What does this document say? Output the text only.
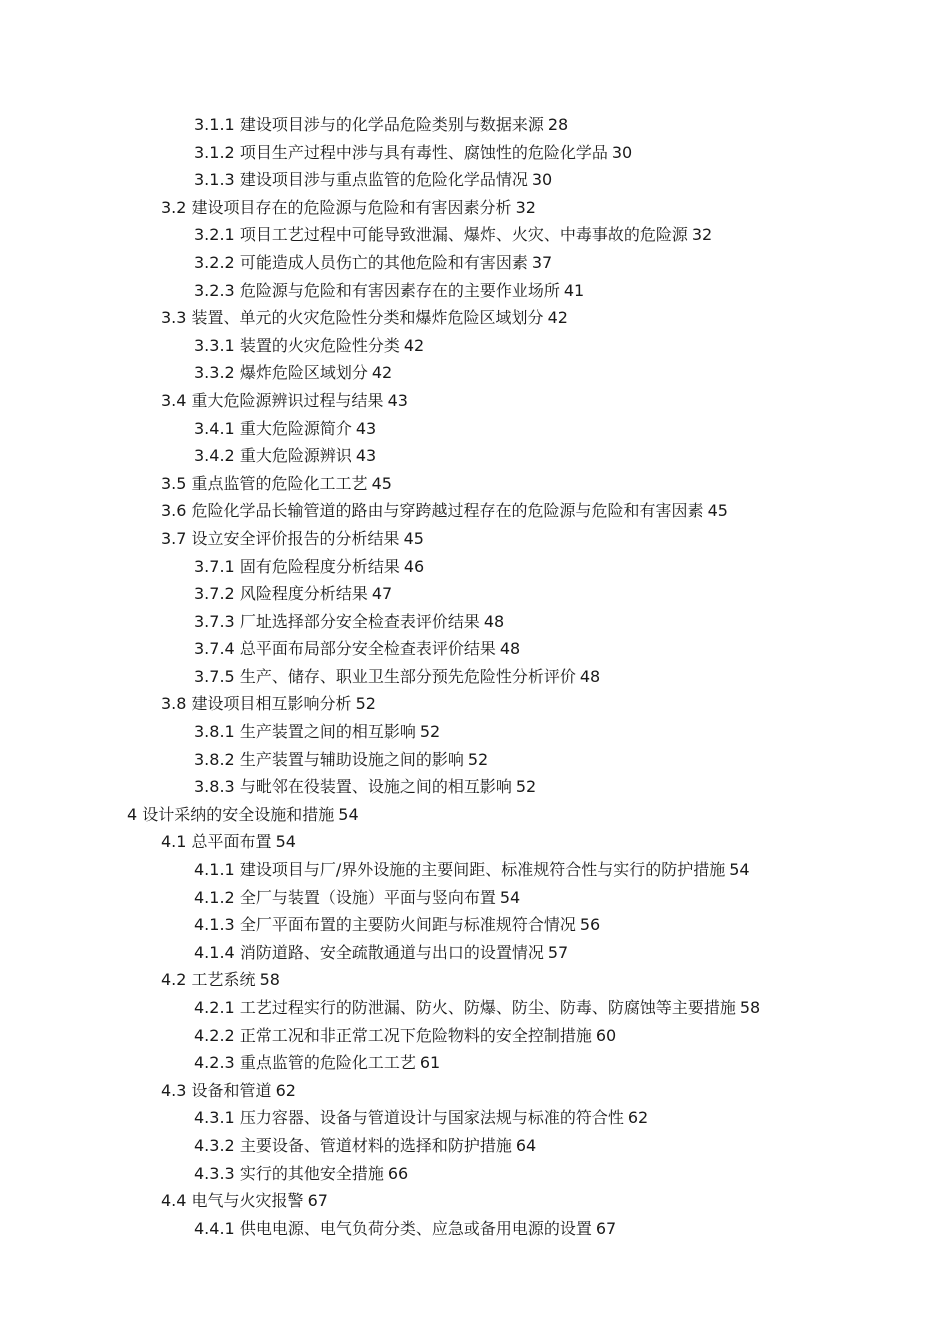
3.1.1 建设项目涉与的化学品危险类别与数据来源 28
3.1.2 项目生产过程中涉与具有毒性、腐蚀性的危险化学品 30
3.1.3 建设项目涉与重点监管的危险化学品情况 30
3.2 建设项目存在的危险源与危险和有害因素分析 32
3.2.1 项目工艺过程中可能导致泄漏、爆炸、火灾、中毒事故的危险源 32
3.2.2 可能造成人员伤亡的其他危险和有害因素 37
3.2.3 危险源与危险和有害因素存在的主要作业场所 41
3.3 装置、单元的火灾危险性分类和爆炸危险区域划分 42
3.3.1 装置的火灾危险性分类 42
3.3.2 爆炸危险区域划分 42
3.4 重大危险源辨识过程与结果 43
3.4.1 重大危险源简介 43
3.4.2 重大危险源辨识 43
3.5 重点监管的危险化工工艺 45
3.6 危险化学品长输管道的路由与穿跨越过程存在的危险源与危险和有害因素 45
3.7 设立安全评价报告的分析结果 45
3.7.1 固有危险程度分析结果 46
3.7.2 风险程度分析结果 47
3.7.3 厂址选择部分安全检查表评价结果 48
3.7.4 总平面布局部分安全检查表评价结果 48
3.7.5 生产、储存、职业卫生部分预先危险性分析评价 48
3.8 建设项目相互影响分析 52
3.8.1 生产装置之间的相互影响 52
3.8.2 生产装置与辅助设施之间的影响 52
3.8.3 与毗邻在役装置、设施之间的相互影响 52
4 设计采纳的安全设施和措施 54
4.1 总平面布置 54
4.1.1 建设项目与厂/界外设施的主要间距、标准规符合性与实行的防护措施 54
4.1.2 全厂与装置（设施）平面与竖向布置 54
4.1.3 全厂平面布置的主要防火间距与标准规符合情况 56
4.1.4 消防道路、安全疏散通道与出口的设置情况 57
4.2 工艺系统 58
4.2.1 工艺过程实行的防泄漏、防火、防爆、防尘、防毒、防腐蚀等主要措施 58
4.2.2 正常工况和非正常工况下危险物料的安全控制措施 60
4.2.3 重点监管的危险化工工艺 61
4.3 设备和管道 62
4.3.1 压力容器、设备与管道设计与国家法规与标准的符合性 62
4.3.2 主要设备、管道材料的选择和防护措施 64
4.3.3 实行的其他安全措施 66
4.4 电气与火灾报警 67
4.4.1 供电电源、电气负荷分类、应急或备用电源的设置 67
